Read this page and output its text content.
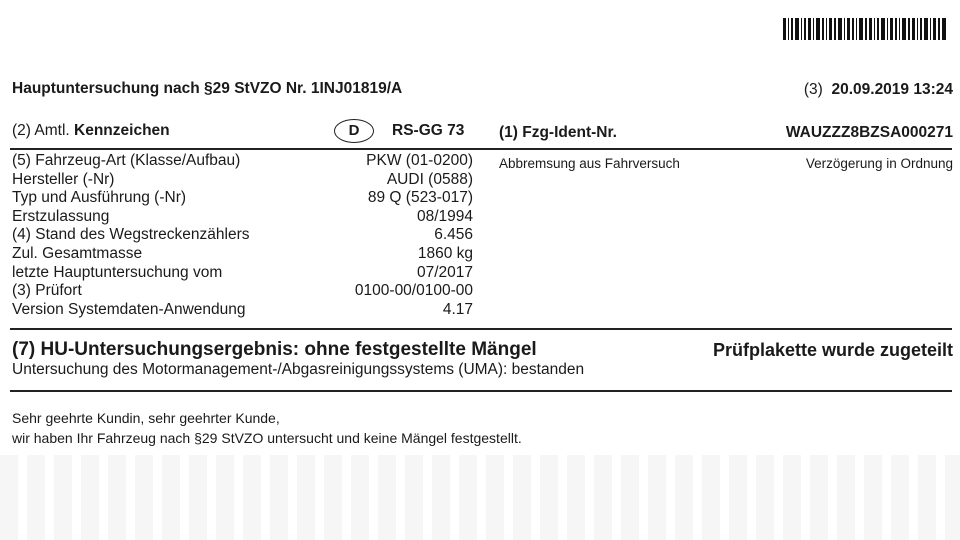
Hauptuntersuchung nach §29 StVZO Nr. 1INJ01819/A	(3) 20.09.2019 13:24
(2) Amtl. Kennzeichen	D	RS-GG 73 (1) Fzg-Ident-Nr.	WAUZZZ8BZSA000271
(5) Fahrzeug-Art (Klasse/Aufbau)	PKW (01-0200)
Hersteller (-Nr)	AUDI (0588)
Typ und Ausführung (-Nr)	89 Q (523-017)
Erstzulassung	08/1994
(4) Stand des Wegstreckenzählers	6.456
Zul. Gesamtmasse	1860 kg
letzte Hauptuntersuchung vom	07/2017
(3) Prüfort	0100-00/0100-00
Version Systemdaten-Anwendung	4.17
Abbremsung aus Fahrversuch	Verzögerung in Ordnung
(7) HU-Untersuchungsergebnis: ohne festgestellte Mängel	Prüfplakette wurde zugeteilt
Untersuchung des Motormanagement-/Abgasreinigungssystems (UMA): bestanden
Sehr geehrte Kundin, sehr geehrter Kunde,
wir haben Ihr Fahrzeug nach §29 StVZO untersucht und keine Mängel festgestellt.
